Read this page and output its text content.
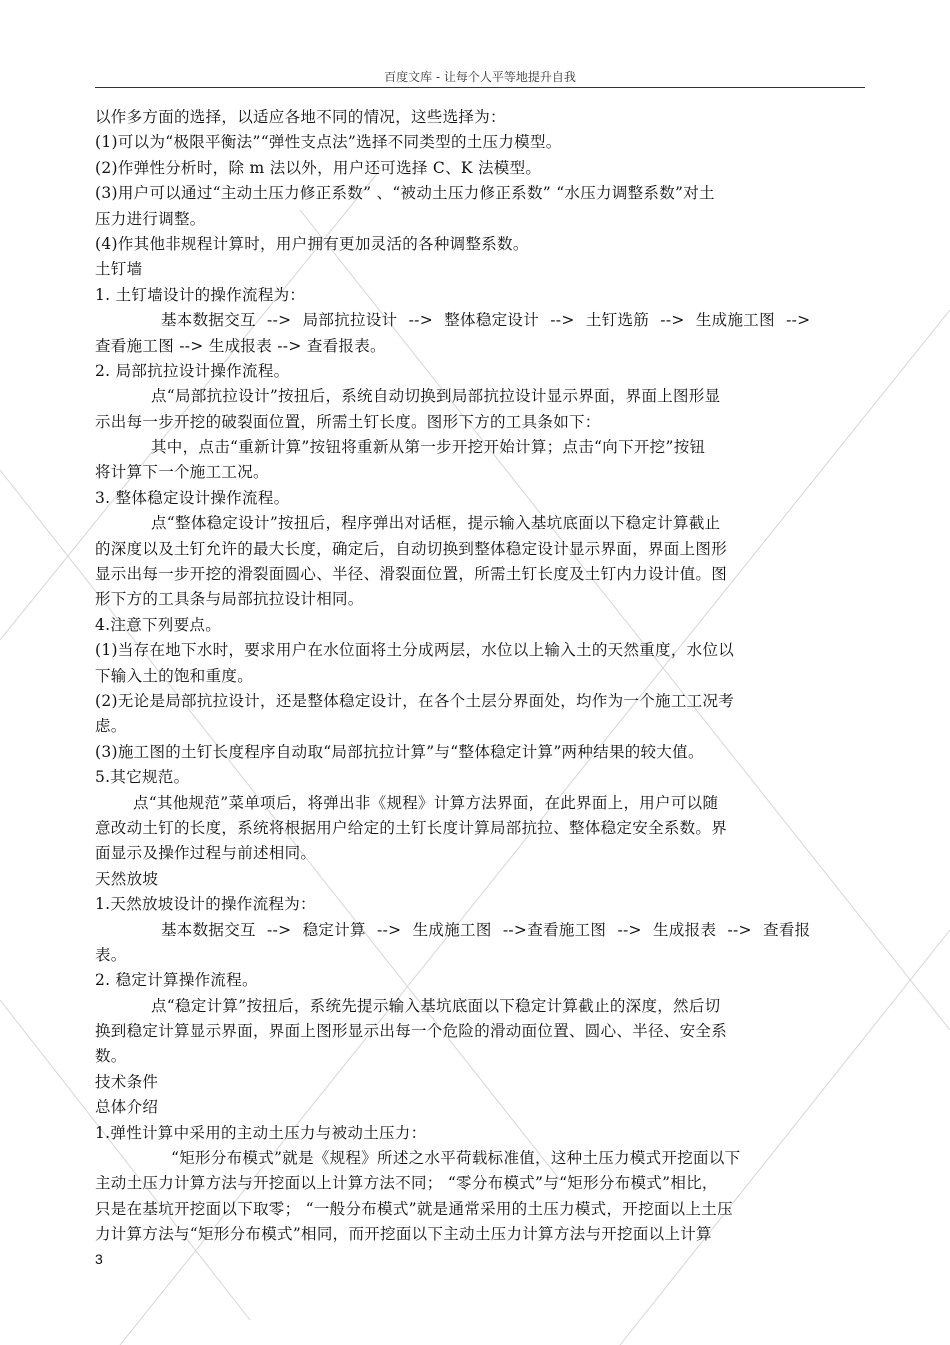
百度文库 - 让每个人平等地提升自我
以作多方面的选择，以适应各地不同的情况，这些选择为：
(1)可以为“极限平衡法”“弹性支点法”选择不同类型的土压力模型。
(2)作弹性分析时，除 m 法以外，用户还可选择 C、K 法模型。
(3)用户可以通过“主动土压力修正系数” 、“被动土压力修正系数” “水压力调整系数”对土
压力进行调整。
(4)作其他非规程计算时，用户拥有更加灵活的各种调整系数。
土钉墙
1. 土钉墙设计的操作流程为：
基本数据交互 --> 局部抗拉设计 --> 整体稳定设计 --> 土钉选筋 --> 生成施工图 -->
查看施工图 --> 生成报表 --> 查看报表。
2. 局部抗拉设计操作流程。
点“局部抗拉设计”按扭后，系统自动切换到局部抗拉设计显示界面，界面上图形显
示出每一步开挖的破裂面位置，所需土钉长度。图形下方的工具条如下：
其中，点击“重新计算”按钮将重新从第一步开挖开始计算；点击“向下开挖”按钮
将计算下一个施工工况。
3. 整体稳定设计操作流程。
点“整体稳定设计”按扭后，程序弹出对话框，提示输入基坑底面以下稳定计算截止
的深度以及土钉允许的最大长度，确定后，自动切换到整体稳定设计显示界面，界面上图形
显示出每一步开挖的滑裂面圆心、半径、滑裂面位置，所需土钉长度及土钉内力设计值。图
形下方的工具条与局部抗拉设计相同。
4.注意下列要点。
(1)当存在地下水时，要求用户在水位面将土分成两层，水位以上输入土的天然重度，水位以
下输入土的饱和重度。
(2)无论是局部抗拉设计，还是整体稳定设计，在各个土层分界面处，均作为一个施工工况考
虑。
(3)施工图的土钉长度程序自动取“局部抗拉计算”与“整体稳定计算”两种结果的较大值。
5.其它规范。
点“其他规范”菜单项后，将弹出非《规程》计算方法界面，在此界面上，用户可以随
意改动土钉的长度，系统将根据用户给定的土钉长度计算局部抗拉、整体稳定安全系数。界
面显示及操作过程与前述相同。
天然放坡
1.天然放坡设计的操作流程为：
基本数据交互 --> 稳定计算 --> 生成施工图 -->查看施工图 --> 生成报表 --> 查看报
表。
2. 稳定计算操作流程。
点“稳定计算”按扭后，系统先提示输入基坑底面以下稳定计算截止的深度，然后切
换到稳定计算显示界面，界面上图形显示出每一个危险的滑动面位置、圆心、半径、安全系
数。
技术条件
总体介绍
1.弹性计算中采用的主动土压力与被动土压力：
“矩形分布模式”就是《规程》所述之水平荷载标准值，这种土压力模式开挖面以下
主动土压力计算方法与开挖面以上计算方法不同； “零分布模式”与“矩形分布模式”相比，
只是在基坑开挖面以下取零； “一般分布模式”就是通常采用的土压力模式，开挖面以上土压
力计算方法与“矩形分布模式”相同，而开挖面以下主动土压力计算方法与开挖面以上计算
3
